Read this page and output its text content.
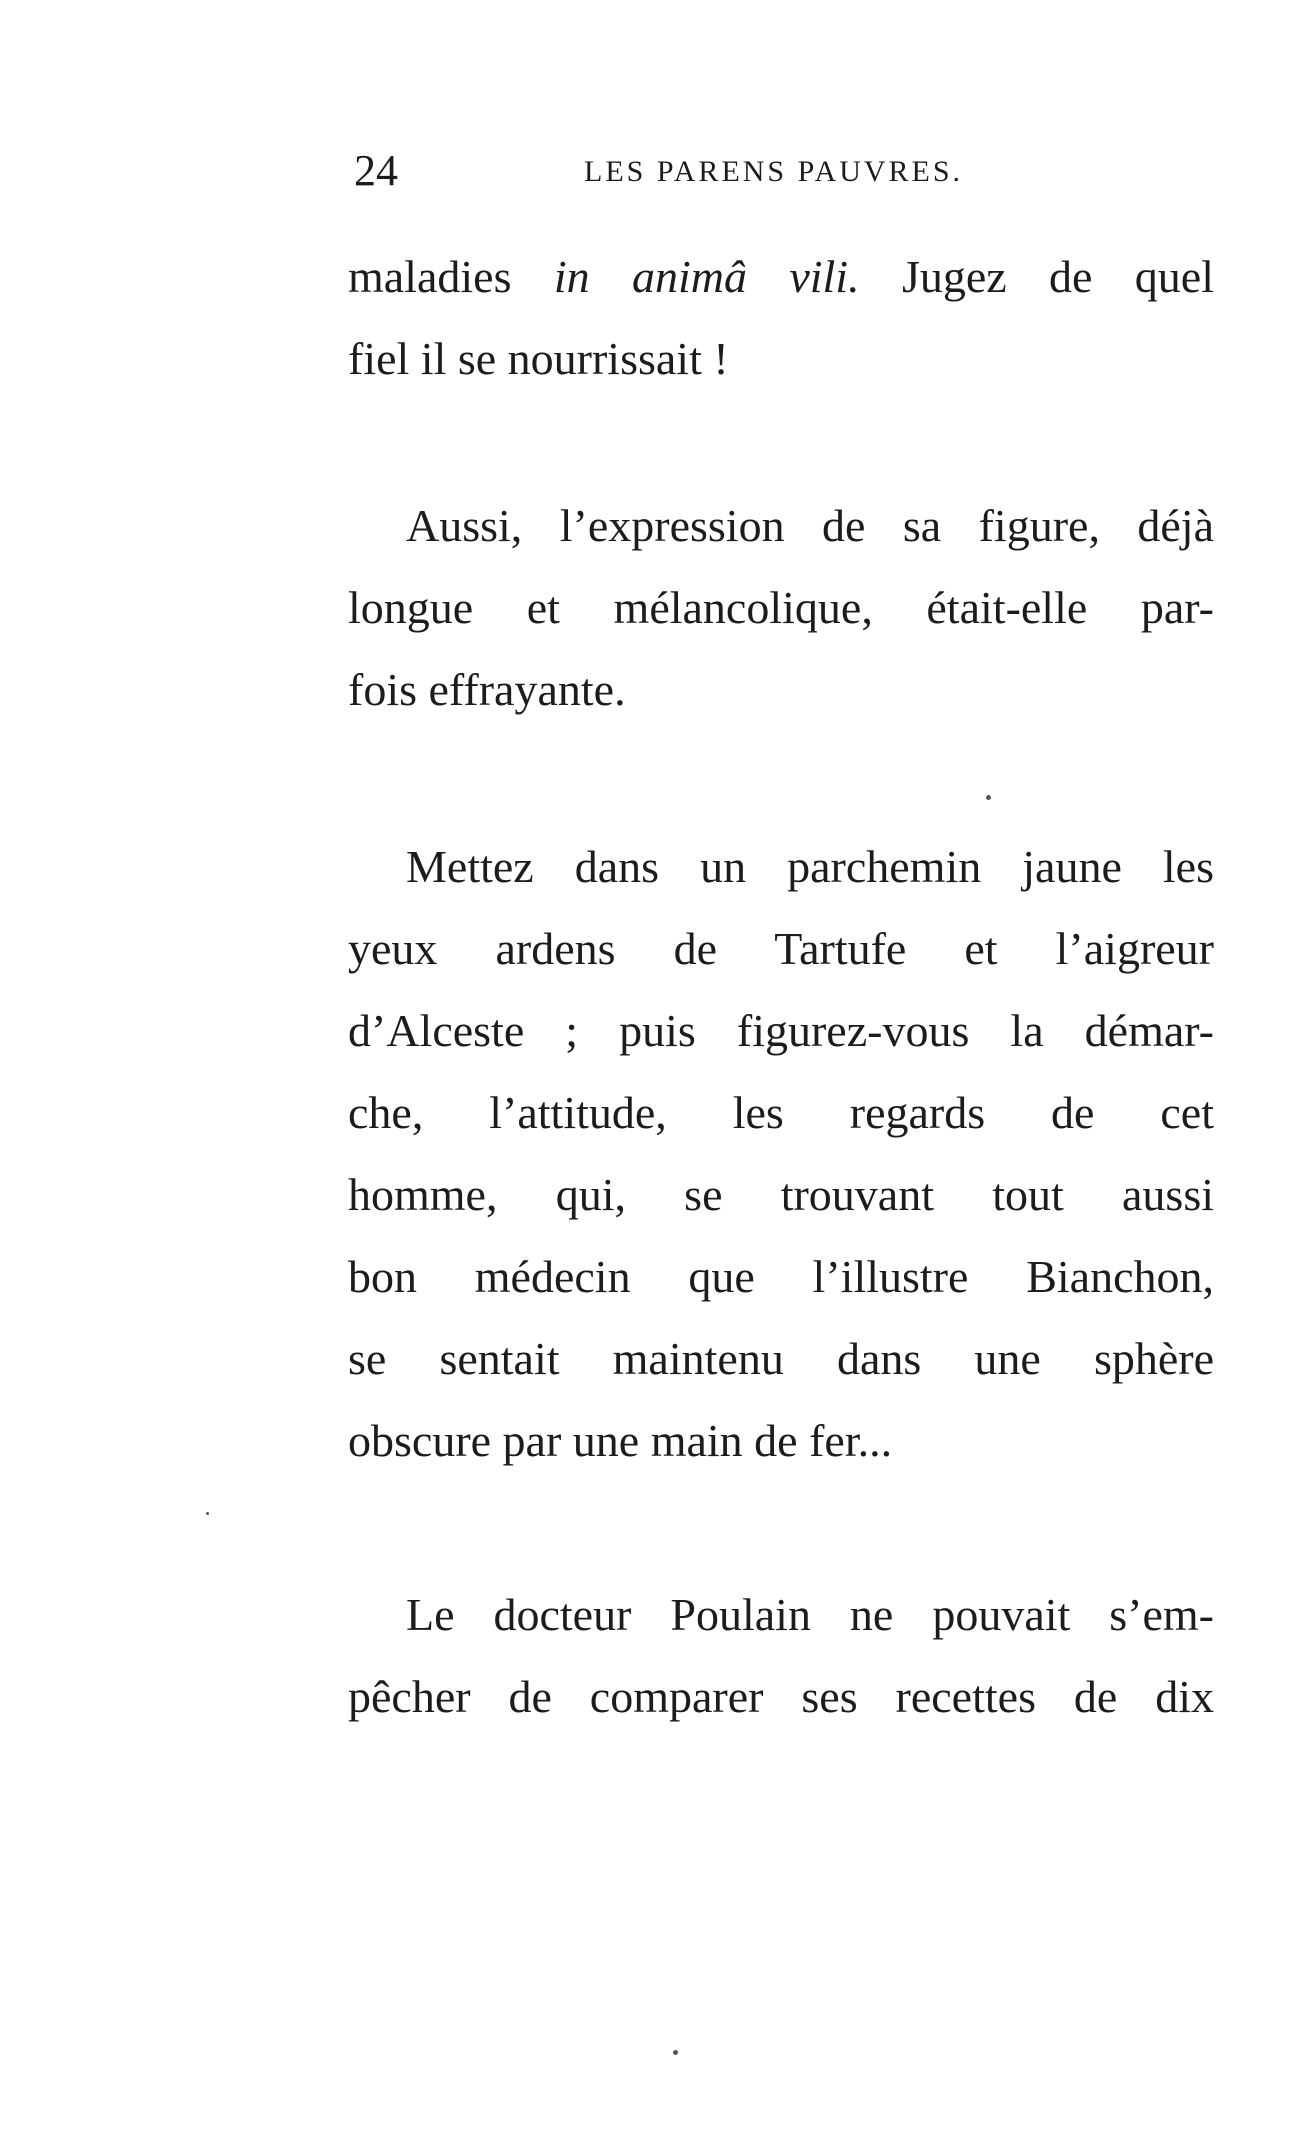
24	LES PARENS PAUVRES.
maladies in animâ vili. Jugez de quel
fiel il se nourrissait !
Aussi, l’expression de sa figure, déjà
longue et mélancolique, était-elle par-
fois effrayante.
Mettez dans un parchemin jaune les
yeux ardens de Tartufe et l’aigreur
d’Alceste ; puis figurez-vous la démar-
che, l’attitude, les regards de cet
homme, qui, se trouvant tout aussi
bon médecin que l’illustre Bianchon,
se sentait maintenu dans une sphère
obscure par une main de fer...
Le docteur Poulain ne pouvait s’em-
pêcher de comparer ses recettes de dix
